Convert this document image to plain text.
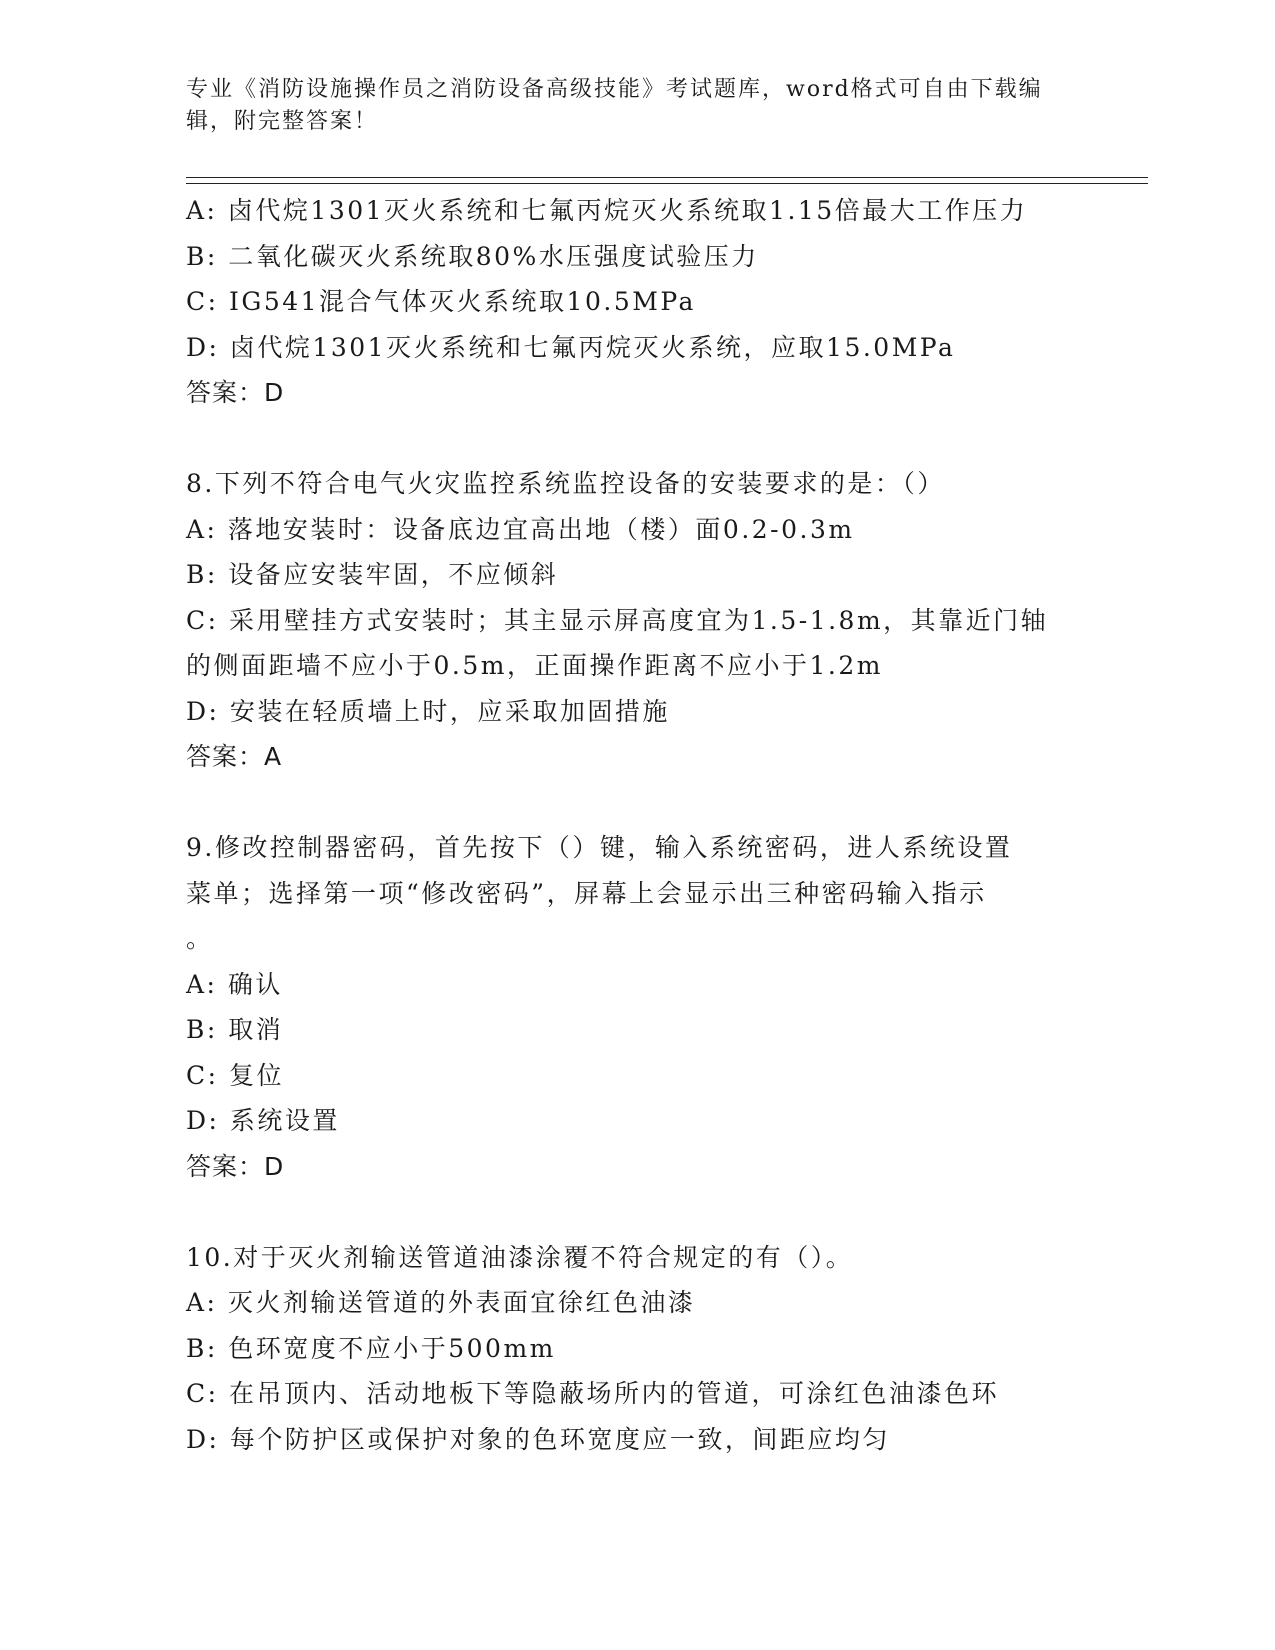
专业《消防设施操作员之消防设备高级技能》考试题库，word格式可自由下载编
辑，附完整答案！
A: 卤代烷1301灭火系统和七氟丙烷灭火系统取1.15倍最大工作压力
B: 二氧化碳灭火系统取80%水压强度试验压力
C: IG541混合气体灭火系统取10.5MPa
D: 卤代烷1301灭火系统和七氟丙烷灭火系统，应取15.0MPa
答案：D
8.下列不符合电气火灾监控系统监控设备的安装要求的是：（）
A: 落地安装时：设备底边宜高出地（楼）面0.2-0.3m
B: 设备应安装牢固，不应倾斜
C: 采用壁挂方式安装时；其主显示屏高度宜为1.5-1.8m，其靠近门轴
的侧面距墙不应小于0.5m，正面操作距离不应小于1.2m
D: 安装在轻质墙上时，应采取加固措施
答案：A
9.修改控制器密码，首先按下（）键，输入系统密码，进人系统设置
菜单；选择第一项“修改密码”，屏幕上会显示出三种密码输入指示
。
A: 确认
B: 取消
C: 复位
D: 系统设置
答案：D
10.对于灭火剂输送管道油漆涂覆不符合规定的有（）。
A: 灭火剂输送管道的外表面宜徐红色油漆
B: 色环宽度不应小于500mm
C: 在吊顶内、活动地板下等隐蔽场所内的管道，可涂红色油漆色环
D: 每个防护区或保护对象的色环宽度应一致，间距应均匀
